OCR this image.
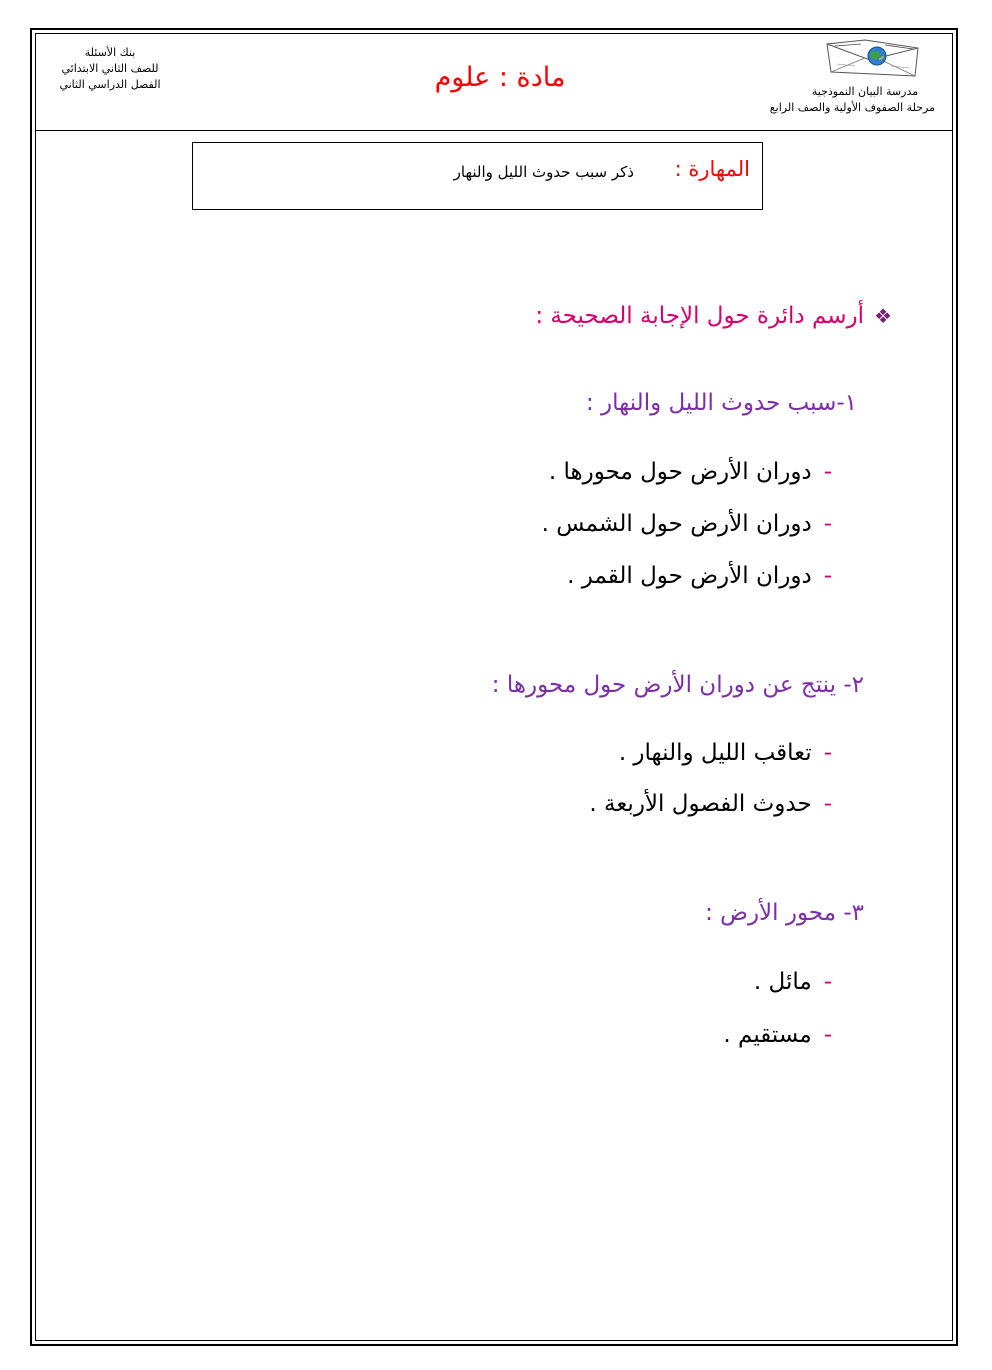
بنك الأسئلة
للصف الثاني الابتدائي
الفصل الدراسي الثاني	مادة : علوم	مدرسة البيان النموذجية
مرحلة الصفوف الأولية والصف الرابع
المهارة :
ذكر سبب حدوث الليل والنهار
❖أرسم دائرة حول الإجابة الصحيحة :
١-سبب حدوث الليل والنهار :
-دوران الأرض حول محورها .
-دوران الأرض حول الشمس .
-دوران الأرض حول القمر .
٢- ينتج عن دوران الأرض حول محورها :
-تعاقب الليل والنهار .
-حدوث الفصول الأربعة .
٣- محور الأرض :
-مائل .
-مستقيم .
